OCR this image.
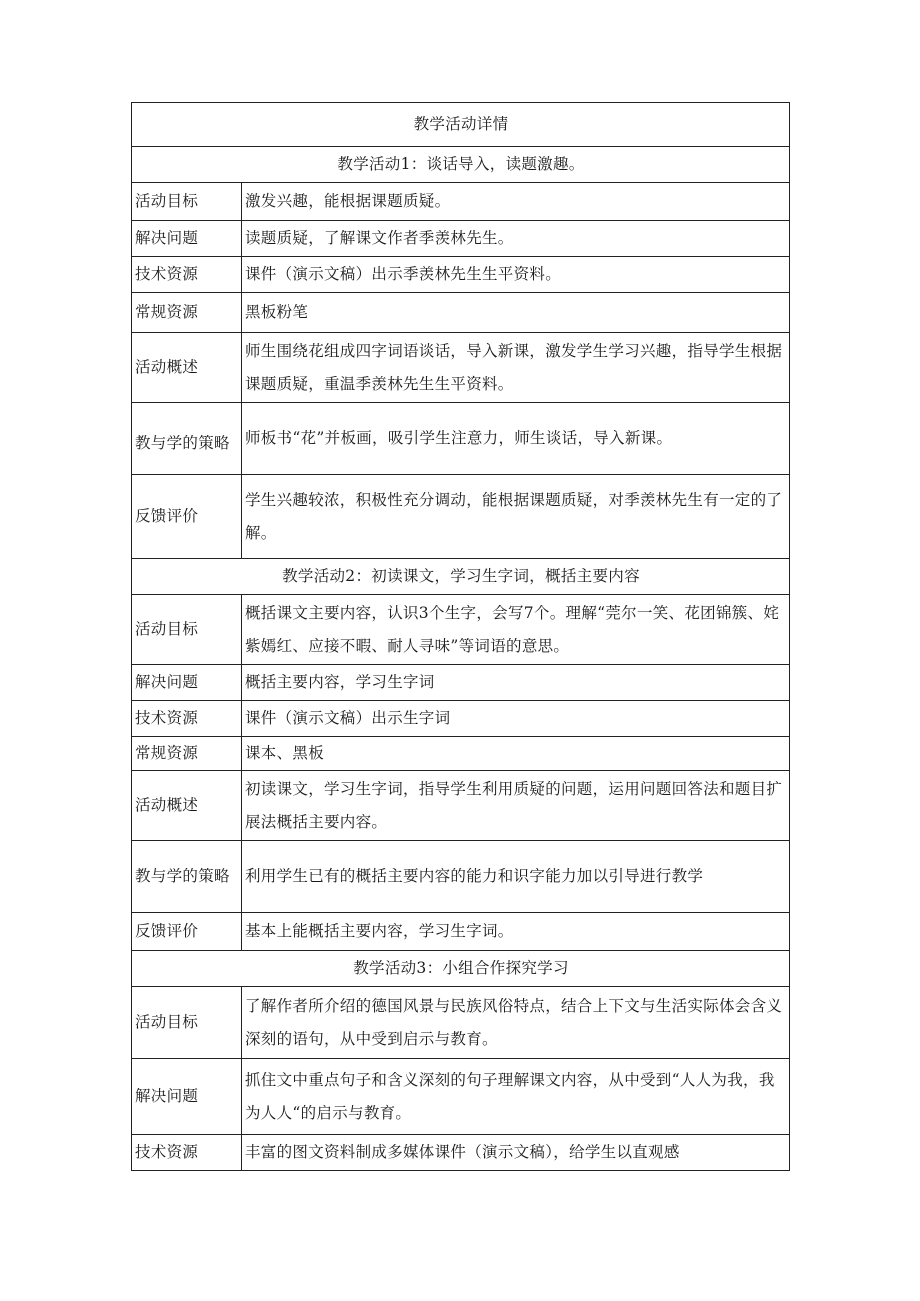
教学活动详情	
教学活动1：谈话导入，读题激趣。	
活动目标	激发兴趣，能根据课题质疑。
解决问题	读题质疑，了解课文作者季羡林先生。
技术资源	课件（演示文稿）出示季羡林先生生平资料。
常规资源	黑板粉笔
活动概述	师生围绕花组成四字词语谈话，导入新课，激发学生学习兴趣，指导学生根据课题质疑，重温季羡林先生生平资料。
教与学的策略	师板书“花”并板画，吸引学生注意力，师生谈话，导入新课。
反馈评价	学生兴趣较浓，积极性充分调动，能根据课题质疑，对季羡林先生有一定的了解。
教学活动2：初读课文，学习生字词，概括主要内容	
活动目标	概括课文主要内容，认识3个生字，会写7个。理解“莞尔一笑、花团锦簇、姹紫嫣红、应接不暇、耐人寻味”等词语的意思。
解决问题	概括主要内容，学习生字词
技术资源	课件（演示文稿）出示生字词
常规资源	课本、黑板
活动概述	初读课文，学习生字词，指导学生利用质疑的问题，运用问题回答法和题目扩展法概括主要内容。
教与学的策略	利用学生已有的概括主要内容的能力和识字能力加以引导进行教学
反馈评价	基本上能概括主要内容，学习生字词。
教学活动3：小组合作探究学习	
活动目标	了解作者所介绍的德国风景与民族风俗特点，结合上下文与生活实际体会含义深刻的语句，从中受到启示与教育。
解决问题	抓住文中重点句子和含义深刻的句子理解课文内容，从中受到“人人为我，我为人人“的启示与教育。
技术资源	丰富的图文资料制成多媒体课件（演示文稿），给学生以直观感
